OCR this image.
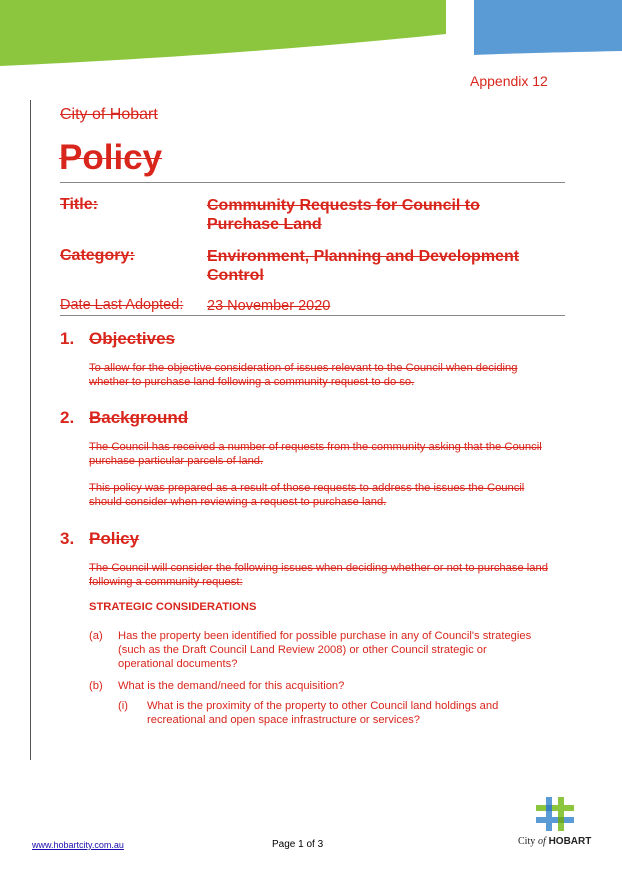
Appendix 12
City of Hobart
Policy
Title:	Community Requests for Council to Purchase Land
Category:	Environment, Planning and Development Control
Date Last Adopted: 23 November 2020
1. Objectives
To allow for the objective consideration of issues relevant to the Council when deciding whether to purchase land following a community request to do so.
2. Background
The Council has received a number of requests from the community asking that the Council purchase particular parcels of land.
This policy was prepared as a result of those requests to address the issues the Council should consider when reviewing a request to purchase land.
3. Policy
The Council will consider the following issues when deciding whether or not to purchase land following a community request:
STRATEGIC CONSIDERATIONS
(a) Has the property been identified for possible purchase in any of Council's strategies (such as the Draft Council Land Review 2008) or other Council strategic or operational documents?
(b) What is the demand/need for this acquisition?
(i) What is the proximity of the property to other Council land holdings and recreational and open space infrastructure or services?
www.hobartcity.com.au	Page 1 of 3	City of HOBART
